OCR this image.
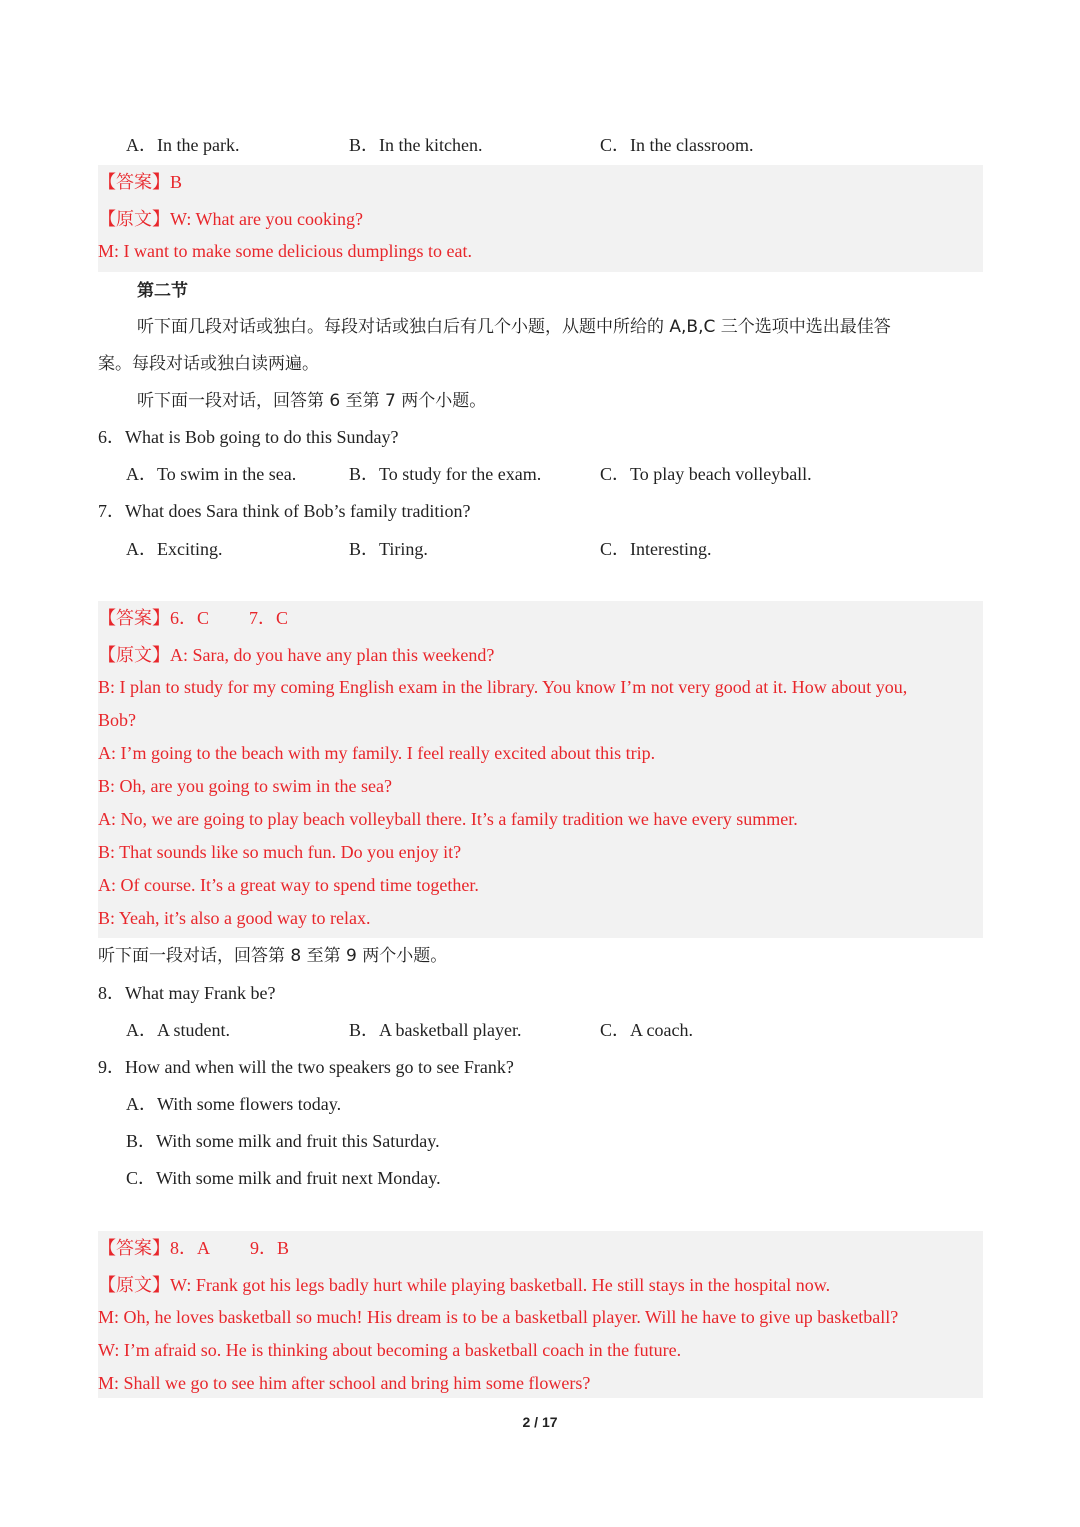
A．In the park.	B．In the kitchen.	C．In the classroom.
【答案】B
【原文】W: What are you cooking?
M: I want to make some delicious dumplings to eat.
第二节
听下面几段对话或独白。每段对话或独白后有几个小题，从题中所给的 A,B,C 三个选项中选出最佳答
案。每段对话或独白读两遍。
听下面一段对话，回答第 6 至第 7 两个小题。
6．What is Bob going to do this Sunday?
A．To swim in the sea.	B．To study for the exam.	C．To play beach volleyball.
7．What does Sara think of Bob’s family tradition?
A．Exciting.	B．Tiring.	C．Interesting.
【答案】6．C 7．C
【原文】A: Sara, do you have any plan this weekend?
B: I plan to study for my coming English exam in the library. You know I’m not very good at it. How about you,
Bob?
A: I’m going to the beach with my family. I feel really excited about this trip.
B: Oh, are you going to swim in the sea?
A: No, we are going to play beach volleyball there. It’s a family tradition we have every summer.
B: That sounds like so much fun. Do you enjoy it?
A: Of course. It’s a great way to spend time together.
B: Yeah, it’s also a good way to relax.
听下面一段对话，回答第 8 至第 9 两个小题。
8．What may Frank be?
A．A student.	B．A basketball player.	C．A coach.
9．How and when will the two speakers go to see Frank?
A．With some flowers today.
B．With some milk and fruit this Saturday.
C．With some milk and fruit next Monday.
【答案】8．A 9．B
【原文】W: Frank got his legs badly hurt while playing basketball. He still stays in the hospital now.
M: Oh, he loves basketball so much! His dream is to be a basketball player. Will he have to give up basketball?
W: I’m afraid so. He is thinking about becoming a basketball coach in the future.
M: Shall we go to see him after school and bring him some flowers?
2 / 17
